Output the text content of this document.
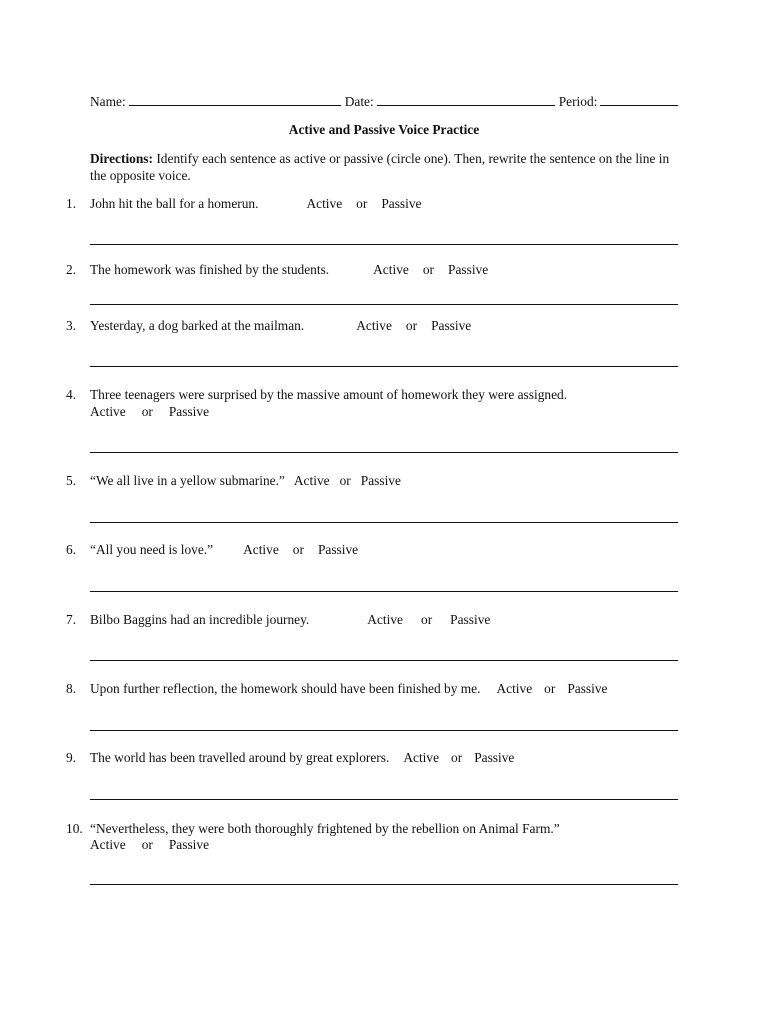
Name:	Date:	Period:
Active and Passive Voice Practice
Directions: Identify each sentence as active or passive (circle one). Then, rewrite the sentence on the line in the opposite voice.
1. John hit the ball for a homerun.	Active or Passive
2. The homework was finished by the students.	Active or Passive
3. Yesterday, a dog barked at the mailman.	Active or Passive
4. Three teenagers were surprised by the massive amount of homework they were assigned.
Active or Passive
5. “We all live in a yellow submarine.” Active or Passive
6. “All you need is love.” Active or Passive
7. Bilbo Baggins had an incredible journey.	Active or Passive
8. Upon further reflection, the homework should have been finished by me. Active or Passive
9. The world has been travelled around by great explorers. Active or Passive
10. “Nevertheless, they were both thoroughly frightened by the rebellion on Animal Farm.”
Active or Passive
